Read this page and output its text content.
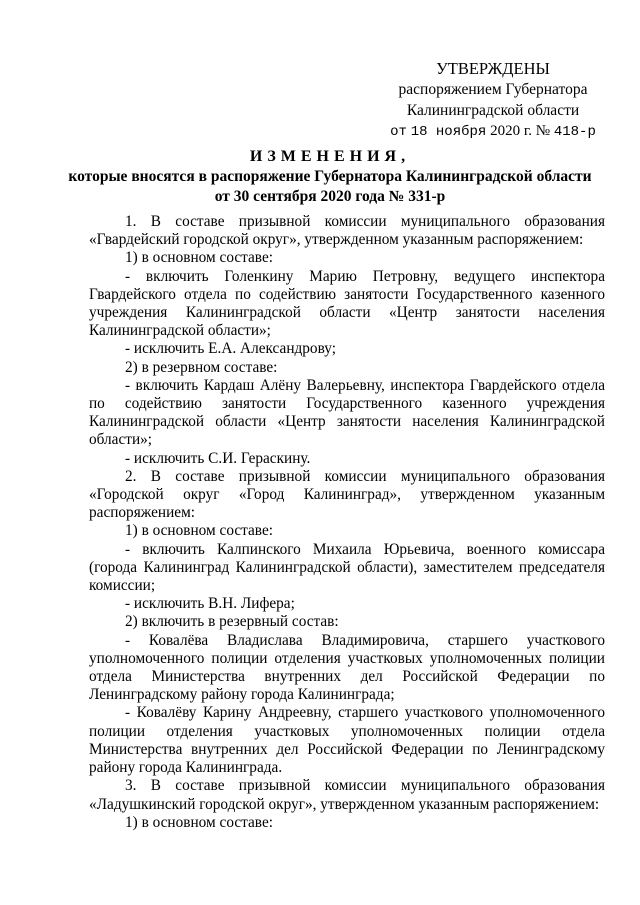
УТВЕРЖДЕНЫ
распоряжением Губернатора
Калининградской области
от 18 ноября 2020 г. № 418-р
ИЗМЕНЕНИЯ,
которые вносятся в распоряжение Губернатора Калининградской области
от 30 сентября 2020 года № 331-р

1. В составе призывной комиссии муниципального образования «Гвардейский городской округ», утвержденном указанным распоряжением:

1) в основном составе:

- включить Голенкину Марию Петровну, ведущего инспектора Гвардейского отдела по содействию занятости Государственного казенного учреждения Калининградской области «Центр занятости населения Калининградской области»;

- исключить Е.А. Александрову;

2) в резервном составе:

- включить Кардаш Алёну Валерьевну, инспектора Гвардейского отдела по содействию занятости Государственного казенного учреждения Калининградской области «Центр занятости населения Калининградской области»;

- исключить С.И. Гераскину.

2. В составе призывной комиссии муниципального образования «Городской округ «Город Калининград», утвержденном указанным распоряжением:

1) в основном составе:

- включить Калпинского Михаила Юрьевича, военного комиссара (города Калининград Калининградской области), заместителем председателя комиссии;

- исключить В.Н. Лифера;

2) включить в резервный состав:

- Ковалёва Владислава Владимировича, старшего участкового уполномоченного полиции отделения участковых уполномоченных полиции отдела Министерства внутренних дел Российской Федерации по Ленинградскому району города Калининграда;

- Ковалёву Карину Андреевну, старшего участкового уполномоченного полиции отделения участковых уполномоченных полиции отдела Министерства внутренних дел Российской Федерации по Ленинградскому району города Калининграда.

3. В составе призывной комиссии муниципального образования «Ладушкинский городской округ», утвержденном указанным распоряжением:

1) в основном составе:
